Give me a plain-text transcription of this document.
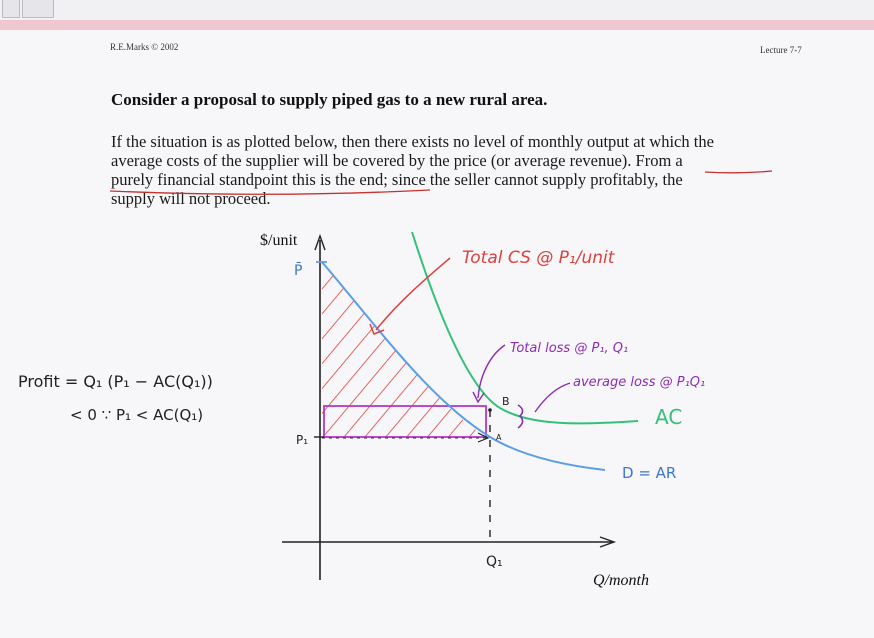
R.E.Marks © 2002	Lecture 7-7
Consider a proposal to supply piped gas to a new rural area.
If the situation is as plotted below, then there exists no level of monthly output at which the
average costs of the supplier will be covered by the price (or average revenue). From a
purely financial standpoint this is the end; since the seller cannot supply profitably, the
supply will not proceed.
$/unit
Q/month
P̄
P₁
Q₁
A
B
AC
D = AR
Total CS @ P₁/unit
Total loss @ P₁, Q₁
average loss @ P₁Q₁
Profit = Q₁ (P₁ − AC(Q₁))
< 0 ∵ P₁ < AC(Q₁)
